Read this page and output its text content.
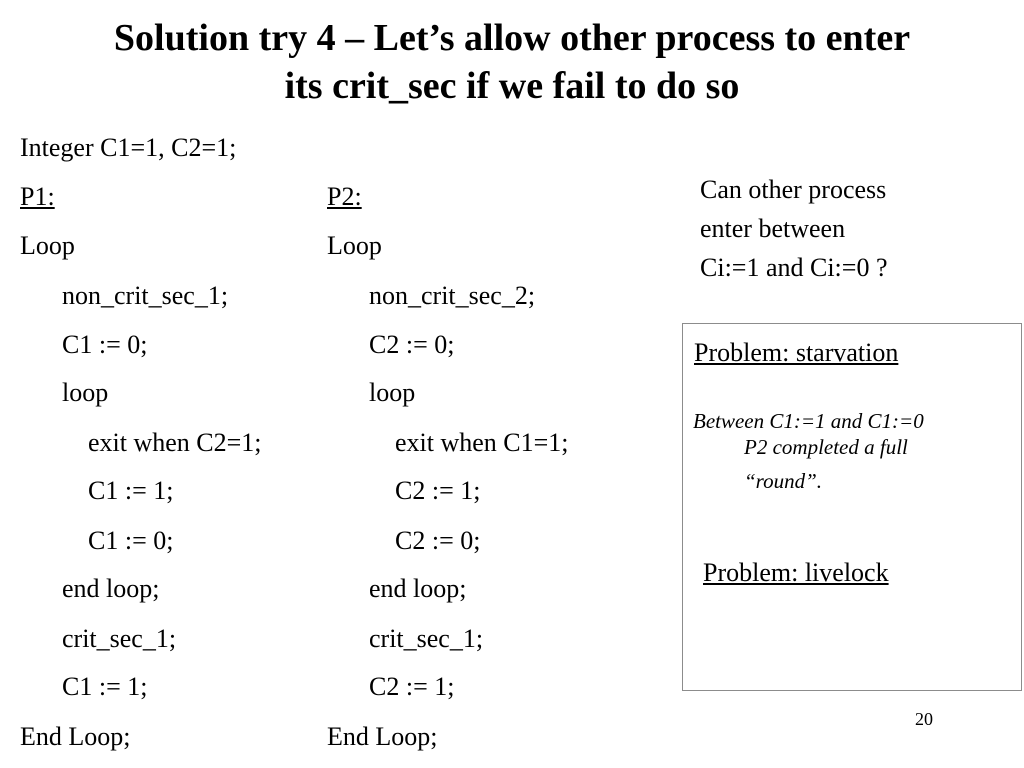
Solution try 4 – Let’s allow other process to enter
its crit_sec if we fail to do so
Integer C1=1, C2=1;
P1:
Loop
non_crit_sec_1;
C1 := 0;
loop
exit when C2=1;
C1 := 1;
C1 := 0;
end loop;
crit_sec_1;
C1 := 1;
End Loop;
P2:
Loop
non_crit_sec_2;
C2 := 0;
loop
exit when C1=1;
C2 := 1;
C2 := 0;
end loop;
crit_sec_1;
C2 := 1;
End Loop;
Can other process
enter between
Ci:=1 and Ci:=0 ?
Problem: starvation
Between C1:=1 and C1:=0
P2 completed a full
“round”.
Problem: livelock
20
